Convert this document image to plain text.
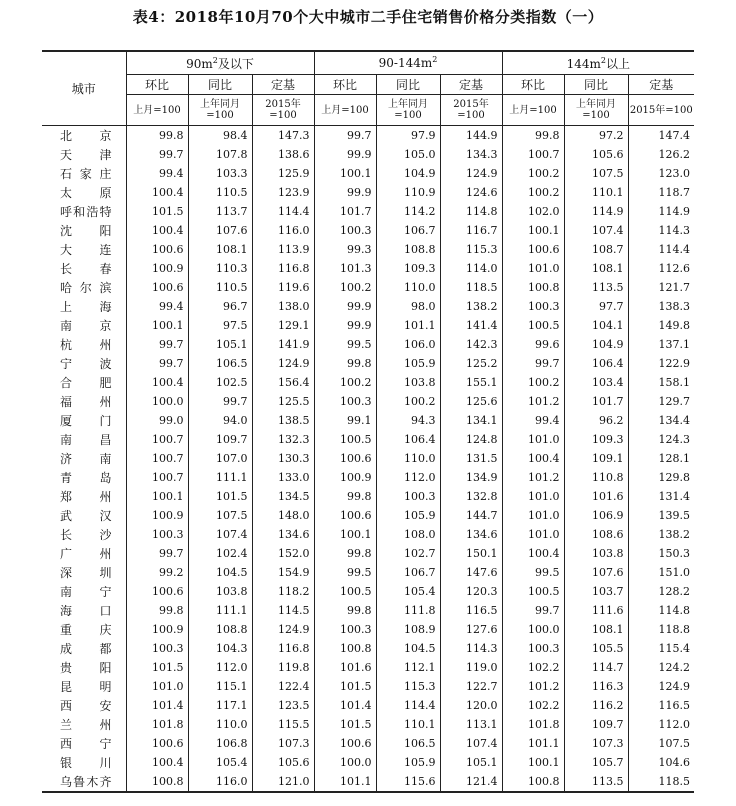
表4：2018年10月70个大中城市二手住宅销售价格分类指数（一）
城市	$90m^2$及以下			$90-144m^2$			$144m^2$以上		
	环比	同比	定基	环比	同比	定基	环比	同比	定基
	上月=100	上年同月=100	2015年=100	上月=100	上年同月=100	2015年=100	上月=100	上年同月=100	2015年=100
北京	99.8	98.4	147.3	99.7	97.9	144.9	99.8	97.2	147.4
天津	99.7	107.8	138.6	99.9	105.0	134.3	100.7	105.6	126.2
石家庄	99.4	103.3	125.9	100.1	104.9	124.9	100.2	107.5	123.0
太原	100.4	110.5	123.9	99.9	110.9	124.6	100.2	110.1	118.7
呼和浩特	101.5	113.7	114.4	101.7	114.2	114.8	102.0	114.9	114.9
沈阳	100.4	107.6	116.0	100.3	106.7	116.7	100.1	107.4	114.3
大连	100.6	108.1	113.9	99.3	108.8	115.3	100.6	108.7	114.4
长春	100.9	110.3	116.8	101.3	109.3	114.0	101.0	108.1	112.6
哈尔滨	100.6	110.5	119.6	100.2	110.0	118.5	100.8	113.5	121.7
上海	99.4	96.7	138.0	99.9	98.0	138.2	100.3	97.7	138.3
南京	100.1	97.5	129.1	99.9	101.1	141.4	100.5	104.1	149.8
杭州	99.7	105.1	141.9	99.5	106.0	142.3	99.6	104.9	137.1
宁波	99.7	106.5	124.9	99.8	105.9	125.2	99.7	106.4	122.9
合肥	100.4	102.5	156.4	100.2	103.8	155.1	100.2	103.4	158.1
福州	100.0	99.7	125.5	100.3	100.2	125.6	101.2	101.7	129.7
厦门	99.0	94.0	138.5	99.1	94.3	134.1	99.4	96.2	134.4
南昌	100.7	109.7	132.3	100.5	106.4	124.8	101.0	109.3	124.3
济南	100.7	107.0	130.3	100.6	110.0	131.5	100.4	109.1	128.1
青岛	100.7	111.1	133.0	100.9	112.0	134.9	101.2	110.8	129.8
郑州	100.1	101.5	134.5	99.8	100.3	132.8	101.0	101.6	131.4
武汉	100.9	107.5	148.0	100.6	105.9	144.7	101.0	106.9	139.5
长沙	100.3	107.4	134.6	100.1	108.0	134.6	101.0	108.6	138.2
广州	99.7	102.4	152.0	99.8	102.7	150.1	100.4	103.8	150.3
深圳	99.2	104.5	154.9	99.5	106.7	147.6	99.5	107.6	151.0
南宁	100.6	103.8	118.2	100.5	105.4	120.3	100.5	103.7	128.2
海口	99.8	111.1	114.5	99.8	111.8	116.5	99.7	111.6	114.8
重庆	100.9	108.8	124.9	100.3	108.9	127.6	100.0	108.1	118.8
成都	100.3	104.3	116.8	100.8	104.5	114.3	100.3	105.5	115.4
贵阳	101.5	112.0	119.8	101.6	112.1	119.0	102.2	114.7	124.2
昆明	101.0	115.1	122.4	101.5	115.3	122.7	101.2	116.3	124.9
西安	101.4	117.1	123.5	101.4	114.4	120.0	102.2	116.2	116.5
兰州	101.8	110.0	115.5	101.5	110.1	113.1	101.8	109.7	112.0
西宁	100.6	106.8	107.3	100.6	106.5	107.4	101.1	107.3	107.5
银川	100.4	105.4	105.6	100.0	105.9	105.1	100.1	105.7	104.6
乌鲁木齐	100.8	116.0	121.0	101.1	115.6	121.4	100.8	113.5	118.5
